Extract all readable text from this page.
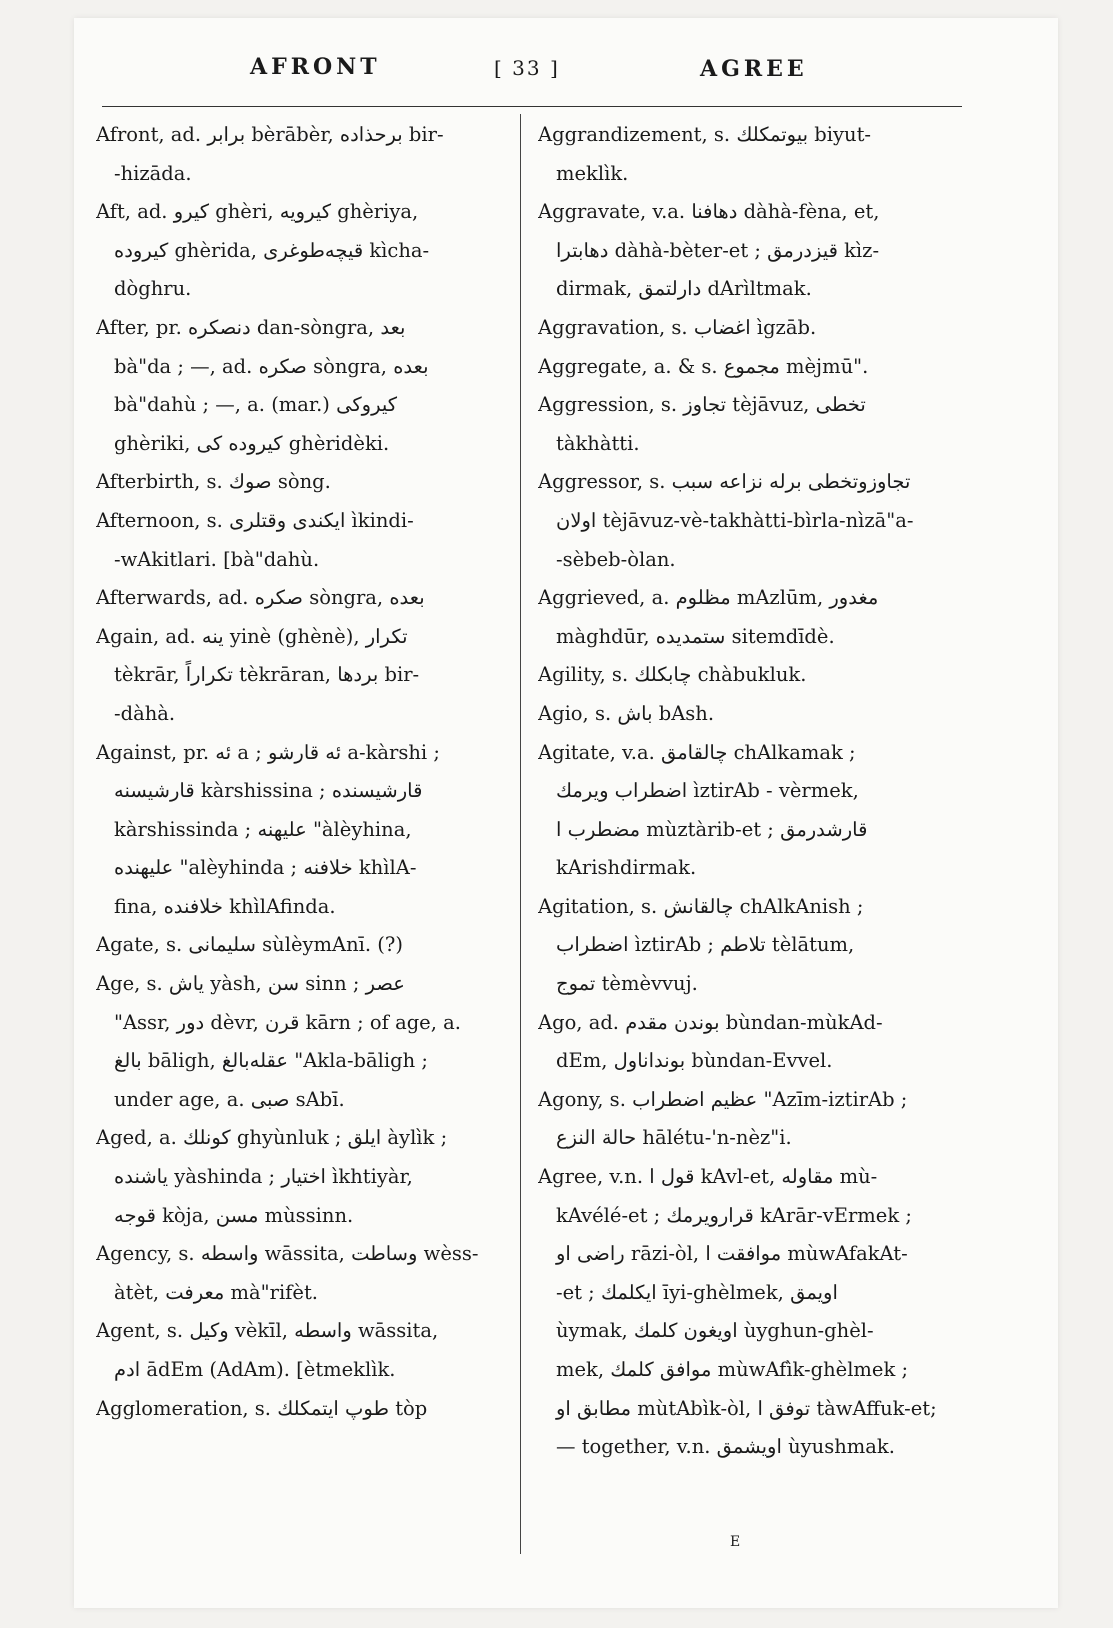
AFRONT	[ 33 ]	AGREE
Afront, ad. برابر bèrābèr, برحذاده bir-
-hizāda.
Aft, ad. كيرو ghèri, كيرويه ghèriya,
كيروده ghèrida, قيچەطوغرى kìcha-
dòghru.
After, pr. دنصكره dan-sòngra, بعد
bà"da ; —, ad. صكره sòngra, بعده
bà"dahù ; —, a. (mar.) كيروكى
ghèriki, كيروده كى ghèridèki.
Afterbirth, s. صوك sòng.
Afternoon, s. ايكندى وقتلرى ìkindi-
-wAkitlari. [bà"dahù.
Afterwards, ad. صكره sòngra, بعده
Again, ad. ينه yinè (ghènè), تكرار
tèkrār, تكراراً tèkrāran, بردها bir-
-dàhà.
Against, pr. ئه a ; ئه قارشو a-kàrshi ;
قارشيسنه kàrshissina ; قارشيسنده
kàrshissinda ; عليهنه "àlèyhina,
عليهنده "alèyhinda ; خلافنه khìlA-
fina, خلافنده khìlAfinda.
Agate, s. سليمانى sùlèymAnī. (?)
Age, s. ياش yàsh, سن sinn ; عصر
"Assr, دور dèvr, قرن kārn ; of age, a.
بالغ bāligh, عقلەبالغ "Akla-bāligh ;
under age, a. صبى sAbī.
Aged, a. كونلك ghyùnluk ; ايلق àylìk ;
ياشنده yàshinda ; اختيار ìkhtiyàr,
قوجه kòja, مسن mùssinn.
Agency, s. واسطه wāssita, وساطت wèss-
àtèt, معرفت mà"rifèt.
Agent, s. وكيل vèkīl, واسطه wāssita,
ادم ādEm (AdAm). [ètmeklìk.
Agglomeration, s. طوپ ايتمكلك tòp
Aggrandizement, s. بيوتمكلك biyut-
meklìk.
Aggravate, v.a. دهافنا dàhà-fèna, et,
دهابترا dàhà-bèter-et ; قيزدرمق kìz-
dirmak, دارلتمق dArìltmak.
Aggravation, s. اغضاب ìgzāb.
Aggregate, a. & s. مجموع mèjmū".
Aggression, s. تجاوز tèjāvuz, تخطى
tàkhàtti.
Aggressor, s. تجاوزوتخطى برله نزاعه سبب
اولان tèjāvuz-vè-takhàtti-bìrla-nìzā"a-
-sèbeb-òlan.
Aggrieved, a. مظلوم mAzlūm, مغدور
màghdūr, ستمديده sitemdīdè.
Agility, s. چابكلك chàbukluk.
Agio, s. باش bAsh.
Agitate, v.a. چالقامق chAlkamak ;
اضطراب ويرمك ìztirAb - vèrmek,
مضطرب ا mùztàrib-et ; قارشدرمق
kArishdirmak.
Agitation, s. چالقانش chAlkAnish ;
اضطراب ìztirAb ; تلاطم tèlātum,
تموج tèmèvvuj.
Ago, ad. بوندن مقدم bùndan-mùkAd-
dEm, بونداناول bùndan-Evvel.
Agony, s. عظيم اضطراب "Azīm-iztirAb ;
حالة النزع hālétu-'n-nèz"i.
Agree, v.n. قول ا kAvl-et, مقاوله mù-
kAvélé-et ; قرارويرمك kArār-vErmek ;
راضى او rāzi-òl, موافقت ا mùwAfakAt-
-et ; ايكلمك īyi-ghèlmek, اويمق
ùymak, اويغون كلمك ùyghun-ghèl-
mek, موافق كلمك mùwAfìk-ghèlmek ;
مطابق او mùtAbìk-òl, توفق ا tàwAffuk-et;
— together, v.n. اويشمق ùyushmak.
E
